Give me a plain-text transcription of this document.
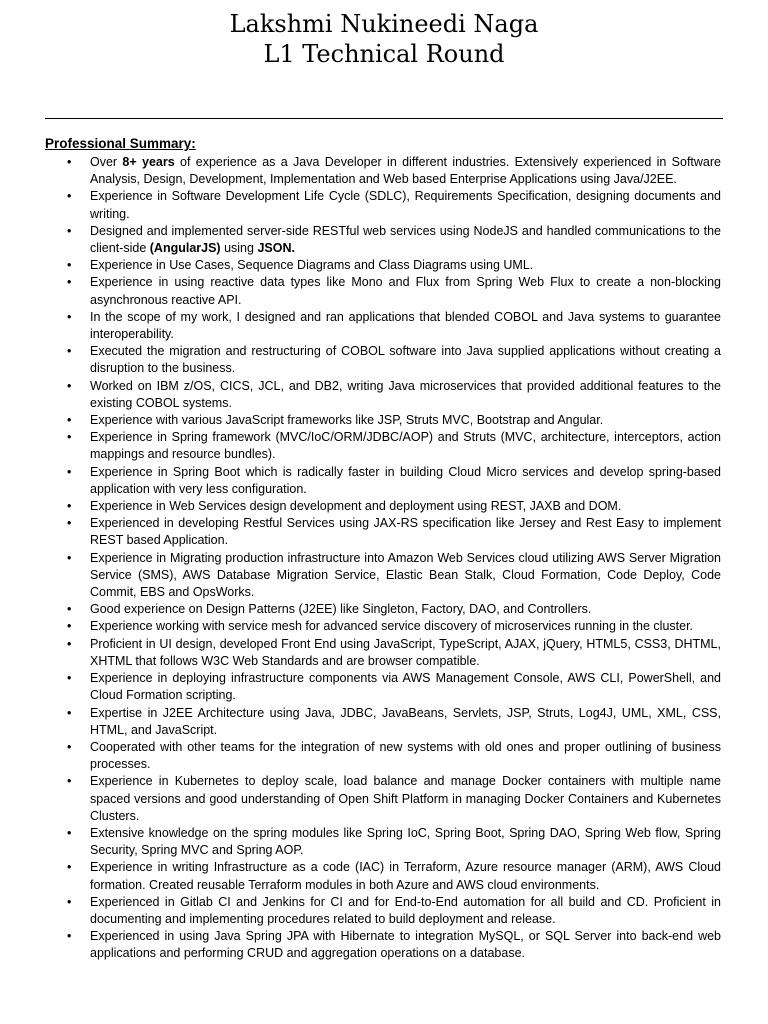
Lakshmi Nukineedi Naga
L1 Technical Round
Professional Summary:
•
Over 8+ years of experience as a Java Developer in different industries. Extensively experienced in Software Analysis, Design, Development, Implementation and Web based Enterprise Applications using Java/J2EE.
•
Experience in Software Development Life Cycle (SDLC), Requirements Specification, designing documents and writing.
•
Designed and implemented server-side RESTful web services using NodeJS and handled communications to the client-side (AngularJS) using JSON.
•
Experience in Use Cases, Sequence Diagrams and Class Diagrams using UML.
•
Experience in using reactive data types like Mono and Flux from Spring Web Flux to create a non-blocking asynchronous reactive API.
•
In the scope of my work, I designed and ran applications that blended COBOL and Java systems to guarantee interoperability.
•
Executed the migration and restructuring of COBOL software into Java supplied applications without creating a disruption to the business.
•
Worked on IBM z/OS, CICS, JCL, and DB2, writing Java microservices that provided additional features to the existing COBOL systems.
•
Experience with various JavaScript frameworks like JSP, Struts MVC, Bootstrap and Angular.
•
Experience in Spring framework (MVC/IoC/ORM/JDBC/AOP) and Struts (MVC, architecture, interceptors, action mappings and resource bundles).
•
Experience in Spring Boot which is radically faster in building Cloud Micro services and develop spring-based application with very less configuration.
•
Experience in Web Services design development and deployment using REST, JAXB and DOM.
•
Experienced in developing Restful Services using JAX-RS specification like Jersey and Rest Easy to implement REST based Application.
•
Experience in Migrating production infrastructure into Amazon Web Services cloud utilizing AWS Server Migration Service (SMS), AWS Database Migration Service, Elastic Bean Stalk, Cloud Formation, Code Deploy, Code Commit, EBS and OpsWorks.
•
Good experience on Design Patterns (J2EE) like Singleton, Factory, DAO, and Controllers.
•
Experience working with service mesh for advanced service discovery of microservices running in the cluster.
•
Proficient in UI design, developed Front End using JavaScript, TypeScript, AJAX, jQuery, HTML5, CSS3, DHTML, XHTML that follows W3C Web Standards and are browser compatible.
•
Experience in deploying infrastructure components via AWS Management Console, AWS CLI, PowerShell, and Cloud Formation scripting.
•
Expertise in J2EE Architecture using Java, JDBC, JavaBeans, Servlets, JSP, Struts, Log4J, UML, XML, CSS, HTML, and JavaScript.
•
Cooperated with other teams for the integration of new systems with old ones and proper outlining of business processes.
•
Experience in Kubernetes to deploy scale, load balance and manage Docker containers with multiple name spaced versions and good understanding of Open Shift Platform in managing Docker Containers and Kubernetes Clusters.
•
Extensive knowledge on the spring modules like Spring IoC, Spring Boot, Spring DAO, Spring Web flow, Spring Security, Spring MVC and Spring AOP.
•
Experience in writing Infrastructure as a code (IAC) in Terraform, Azure resource manager (ARM), AWS Cloud formation. Created reusable Terraform modules in both Azure and AWS cloud environments.
•
Experienced in Gitlab CI and Jenkins for CI and for End-to-End automation for all build and CD. Proficient in documenting and implementing procedures related to build deployment and release.
•
Experienced in using Java Spring JPA with Hibernate to integration MySQL, or SQL Server into back-end web applications and performing CRUD and aggregation operations on a database.
